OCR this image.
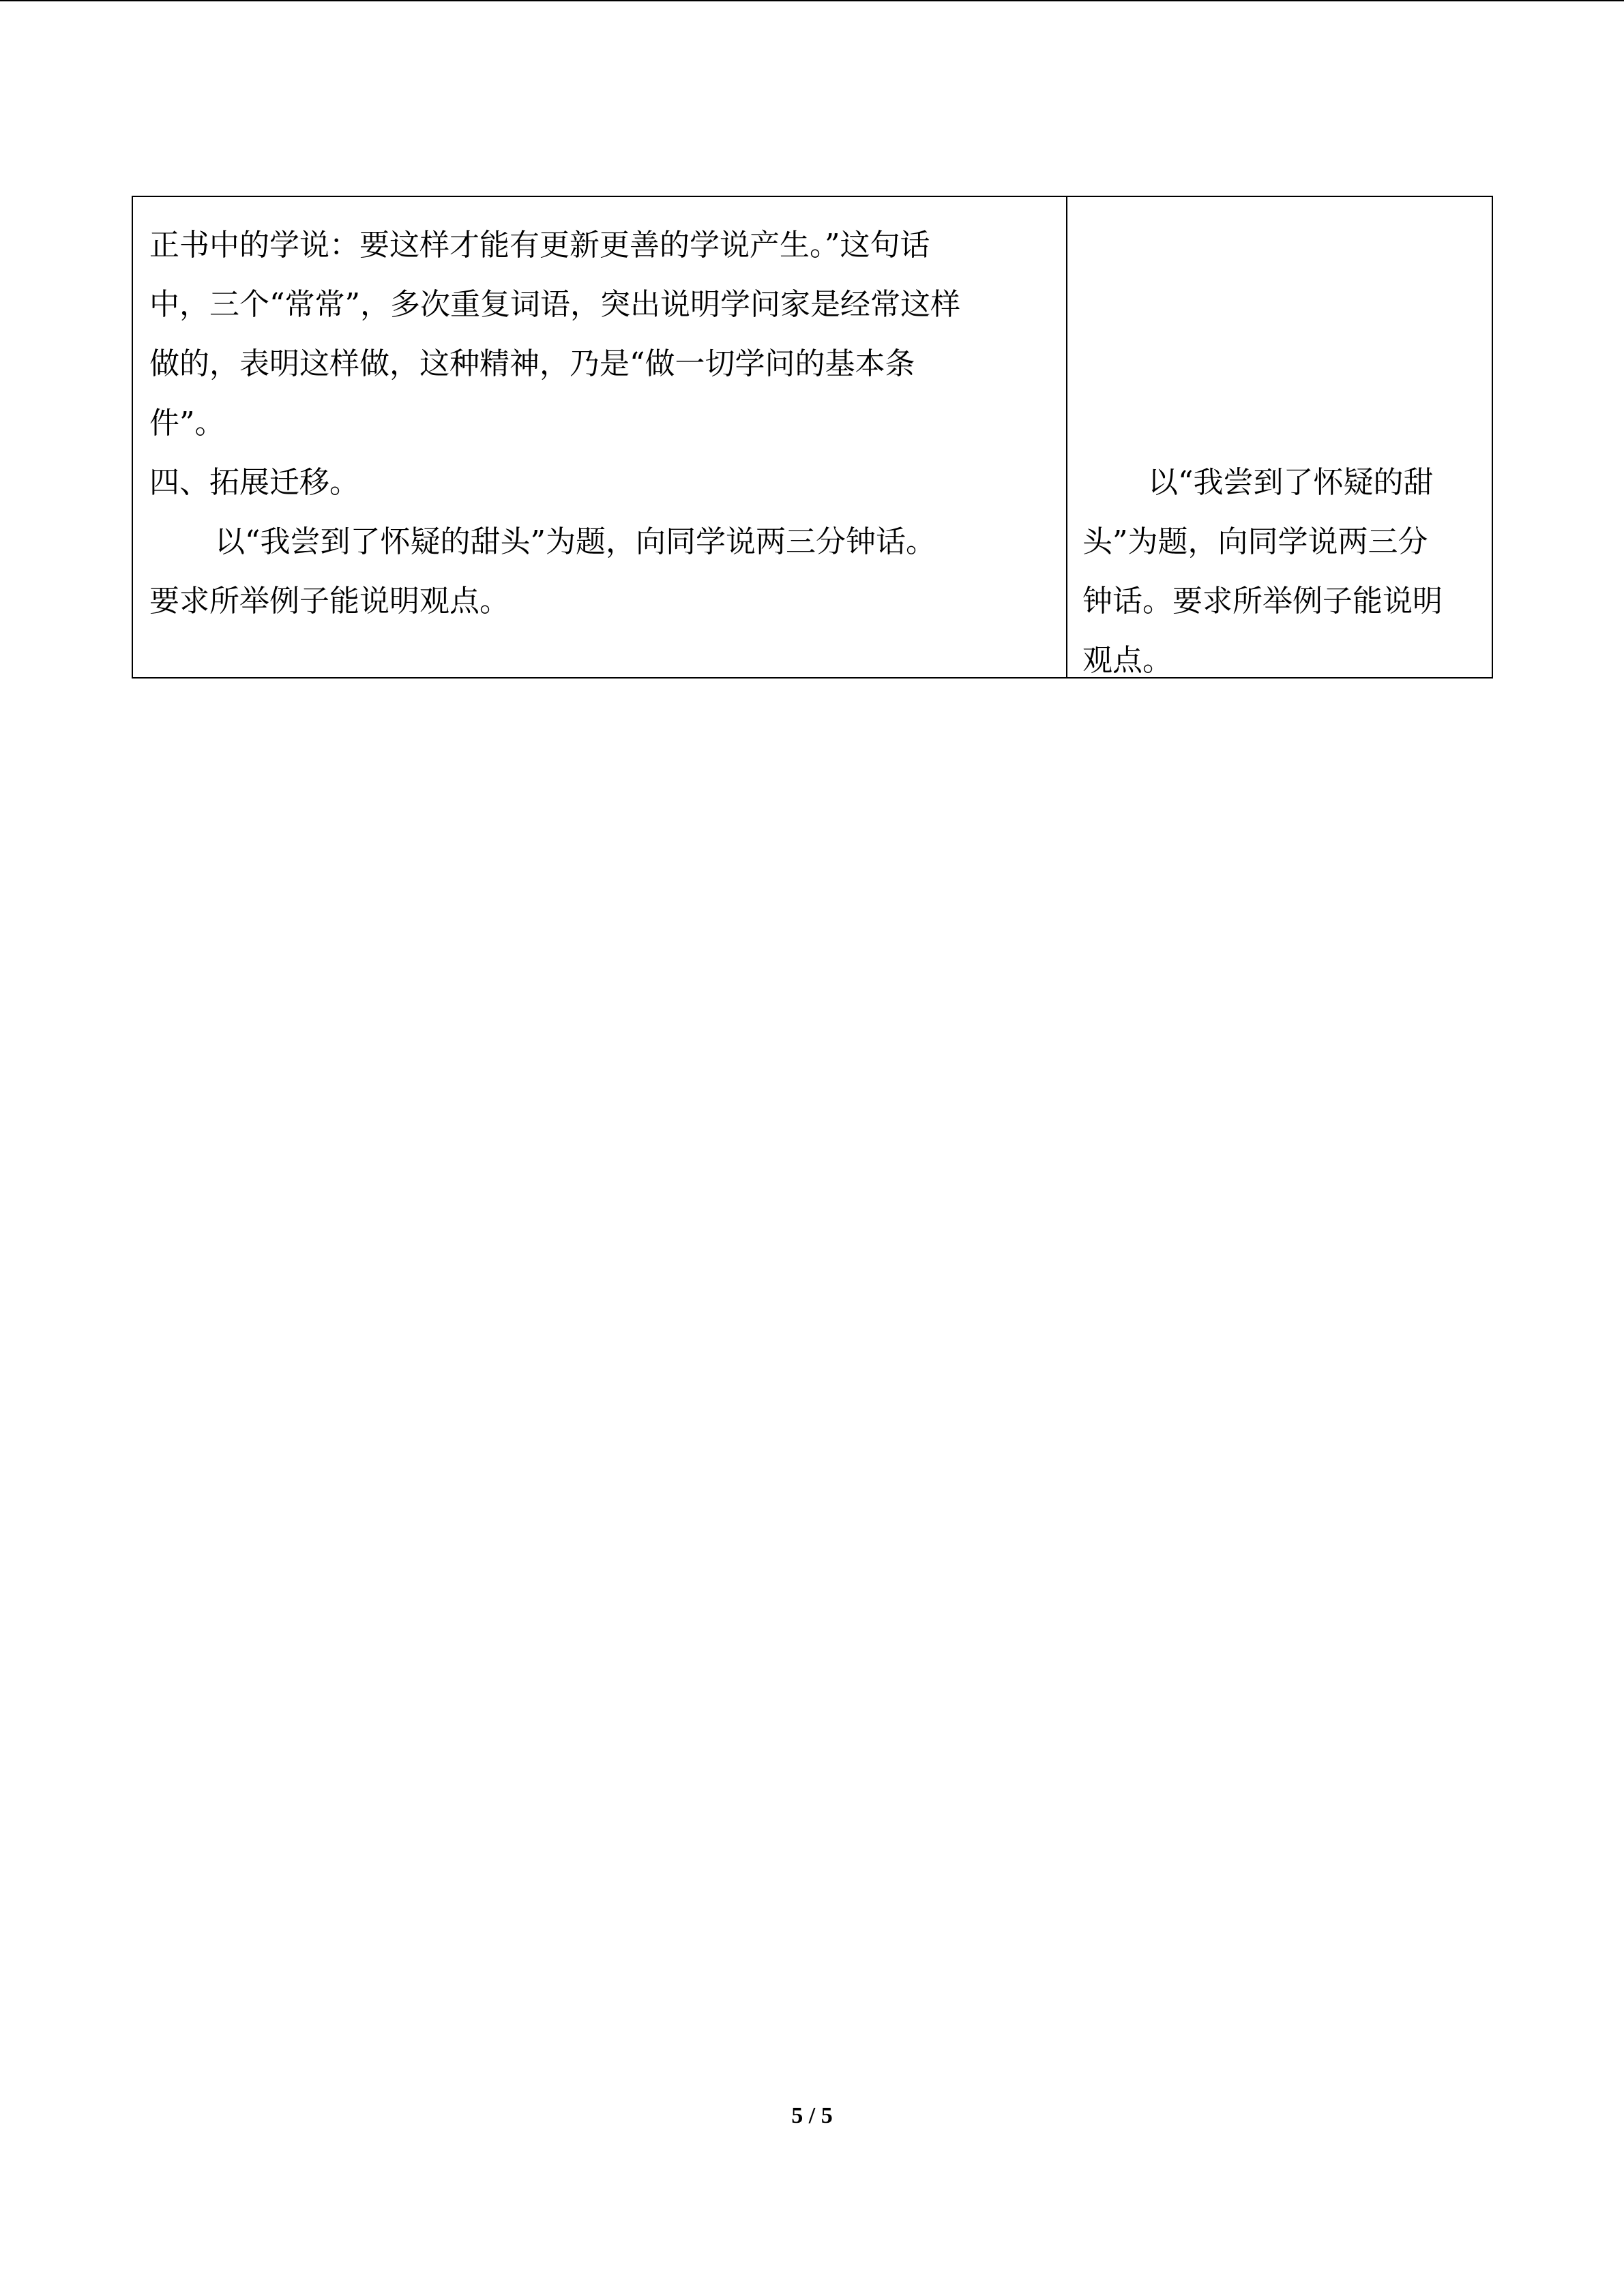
正书中的学说：要这样才能有更新更善的学说产生。”这句话
中，三个“常常”，多次重复词语，突出说明学问家是经常这样
做的，表明这样做，这种精神，乃是“做一切学问的基本条
件”。
四、拓展迁移。
以“我尝到了怀疑的甜头”为题，向同学说两三分钟话。
要求所举例子能说明观点。
以“我尝到了怀疑的甜
头”为题，向同学说两三分
钟话。要求所举例子能说明
观点。
5 / 5
